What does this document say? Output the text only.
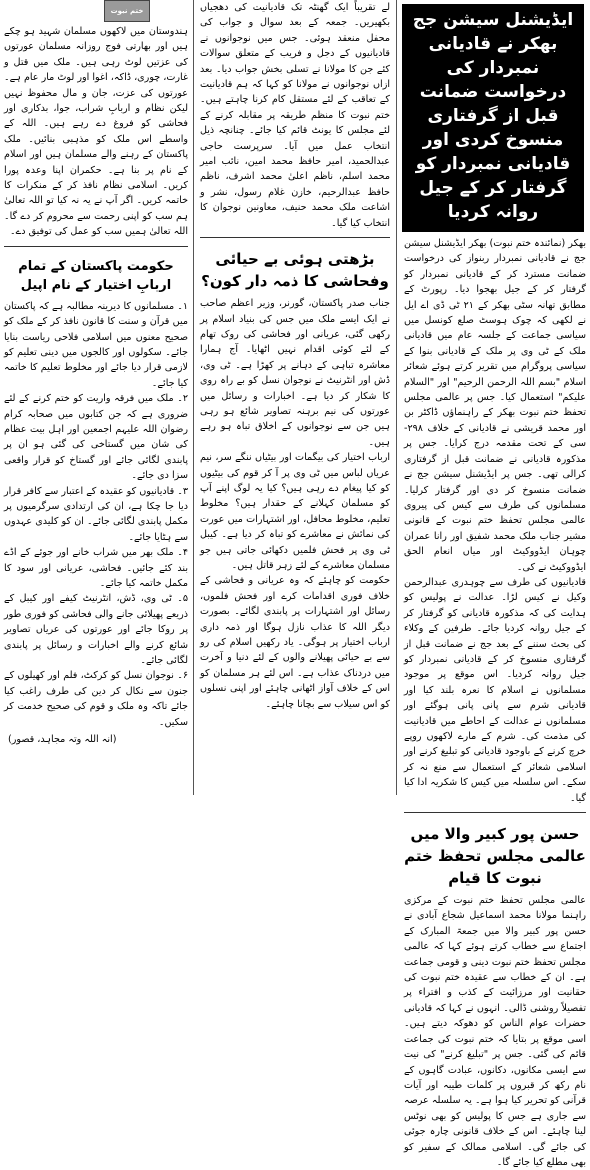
ایڈیشنل سیشن جج بھکر نے قادیانی نمبردار کی درخواست ضمانت قبل از گرفتاری منسوخ کردی اور قادیانی نمبردار کو گرفتار کر کے جیل روانہ کردیا

بھکر (نمائندہ ختم نبوت) بھکر ایڈیشنل سیشن جج نے قادیانی نمبردار ربنواز کی درخواست ضمانت مسترد کر کے قادیانی نمبردار کو گرفتار کر کے جیل بھجوا دیا۔ رپورٹ کے مطابق تھانہ سٹی بھکر کے ۲۱ ٹی ڈی اے ایل نے لکھی کہ چوک ہوسٹ صلع کونسل میں سیاسی جماعت کے جلسہ عام میں قادیانی ملک کے ٹی وی پر ملک کے قادیانی بنوا کے سیاسی پروگرام میں تقریر کرتے ہوئے شعائر اسلام "بسم اللہ الرحمن الرحیم" اور "السلام علیکم" استعمال کیا۔ جس پر عالمی مجلس تحفظ ختم نبوت بھکر کے راہنماؤں ڈاکٹر بن اور محمد قریشی نے قادیانی کے خلاف ۲۹۸-سی کے تحت مقدمہ درج کرایا۔ جس پر مذکورہ قادیانی نے ضمانت قبل از گرفتاری کرالی تھی۔ جس پر ایڈیشنل سیشن جج نے ضمانت منسوخ کر دی اور گرفتار کرلیا۔ مسلمانوں کی طرف سے کیس کی پیروی عالمی مجلس تحفظ ختم نبوت کے قانونی مشیر جناب ملک محمد شفیق اور رانا عمران چوہان ایڈووکیٹ اور میاں انعام الحق ایڈووکیٹ نے کی۔

قادیانیوں کی طرف سے چوہدری عبدالرحمن وکیل نے کیس لڑا۔ عدالت نے پولیس کو ہدایت کی کہ مذکورہ قادیانی کو گرفتار کر کے جیل روانہ کردیا جائے۔ طرفین کے وکلاء کی بحث سننے کے بعد جج نے ضمانت قبل از گرفتاری منسوخ کر کے قادیانی نمبردار کو جیل روانہ کردیا۔ اس موقع پر موجود مسلمانوں نے اسلام کا نعرہ بلند کیا اور قادیانی شرم سے پانی پانی ہوگئے اور مسلمانوں نے عدالت کے احاطے میں قادیانیت کی مذمت کی۔ شرم کے مارے لاکھوں روپے خرچ کرنے کے باوجود قادیانی کو تبلیغ کرنے اور اسلامی شعائر کے استعمال سے منع نہ کر سکے۔ اس سلسلہ میں کیس کا شکریہ ادا کیا گیا۔

حسن پور کبیر والا میں عالمی مجلس تحفظ ختم نبوت کا قیام

عالمی مجلس تحفظ ختم نبوت کے مرکزی راہنما مولانا محمد اسماعیل شجاع آبادی نے حسن پور کبیر والا میں جمعۃ المبارک کے اجتماع سے خطاب کرتے ہوئے کہا کہ عالمی مجلس تحفظ ختم نبوت دینی و قومی جماعت ہے۔ ان کے خطاب سے عقیدہ ختم نبوت کی حقانیت اور مرزائیت کے کذب و افتراء پر تفصیلاً روشنی ڈالی۔ انہوں نے کہا کہ قادیانی حضرات عوام الناس کو دھوکہ دیتے ہیں۔ اسی موقع پر بتایا کہ ختم نبوت کی جماعت قائم کی گئی۔ جس پر "تبلیغ کرنے" کی نیت سے ایسی مکانوں، دکانوں، عبادت گاہوں کے نام رکھ کر قبروں پر کلمات طیبہ اور آیات قرآنی کو تحریر کیا ہوا ہے۔ یہ سلسلہ عرصہ سے جاری ہے جس کا پولیس کو بھی نوٹس لینا چاہئے۔ اس کے خلاف قانونی چارہ جوئی کی جائے گی۔ اسلامی ممالک کے سفیر کو بھی مطلع کیا جائے گا۔

لے تقریباً ایک گھنٹہ تک قادیانیت کی دھجیاں بکھیریں۔ جمعہ کے بعد سوال و جواب کی محفل منعقد ہوئی۔ جس میں نوجوانوں نے قادیانیوں کے دجل و فریب کے متعلق سوالات کئے جن کا مولانا نے تسلی بخش جواب دیا۔ بعد ازاں نوجوانوں نے مولانا کو کہا کہ ہم قادیانیت کے تعاقب کے لئے مستقل کام کرنا چاہتے ہیں۔ ختم نبوت کا منظم طریقہ پر مقابلہ کرنے کے لئے مجلس کا یونٹ قائم کیا جائے۔ چنانچہ ذیل انتخاب عمل میں آیا۔ سرپرست حاجی عبدالحمید، امیر حافظ محمد امین، نائب امیر محمد اسلم، ناظم اعلیٰ محمد اشرف، ناظم حافظ عبدالرحیم، خازن غلام رسول، نشر و اشاعت ملک محمد حنیف، معاونین نوجوان کا انتخاب کیا گیا۔

بڑھتی ہوئی بے حیائی وفحاشی کا ذمہ دار کون؟

جناب صدر پاکستان، گورنر، وزیر اعظم صاحب نے ایک ایسے ملک میں جس کی بنیاد اسلام پر رکھی گئی، عریانی اور فحاشی کی روک تھام کے لئے کوئی اقدام نہیں اٹھایا۔ آج ہمارا معاشرہ تباہی کے دہانے پر کھڑا ہے۔ ٹی وی، ڈش اور انٹرنیٹ نے نوجوان نسل کو بے راہ روی کا شکار کر دیا ہے۔ اخبارات و رسائل میں عورتوں کی نیم برہنہ تصاویر شائع ہو رہی ہیں جن سے نوجوانوں کے اخلاق تباہ ہو رہے ہیں۔

ارباب اختیار کی بیگمات اور بیٹیاں ننگے سر، نیم عریاں لباس میں ٹی وی پر آ کر قوم کی بیٹیوں کو کیا پیغام دے رہی ہیں؟ کیا یہ لوگ اپنے آپ کو مسلمان کہلانے کے حقدار ہیں؟ مخلوط تعلیم، مخلوط محافل، اور اشتہارات میں عورت کی نمائش نے معاشرے کو تباہ کر دیا ہے۔ کیبل ٹی وی پر فحش فلمیں دکھائی جاتی ہیں جو مسلمان معاشرے کے لئے زہر قاتل ہیں۔

حکومت کو چاہئے کہ وہ عریانی و فحاشی کے خلاف فوری اقدامات کرے اور فحش فلموں، رسائل اور اشتہارات پر پابندی لگائے۔ بصورت دیگر اللہ کا عذاب نازل ہوگا اور ذمہ داری ارباب اختیار پر ہوگی۔ یاد رکھیں اسلام کی رو سے بے حیائی پھیلانے والوں کے لئے دنیا و آخرت میں دردناک عذاب ہے۔ اس لئے ہر مسلمان کو اس کے خلاف آواز اٹھانی چاہئے اور اپنی نسلوں کو اس سیلاب سے بچانا چاہئے۔

ختم نبوت

ہندوستان میں لاکھوں مسلمان شہید ہو چکے ہیں اور بھارتی فوج روزانہ مسلمان عورتوں کی عزتیں لوٹ رہی ہیں۔ ملک میں قتل و غارت، چوری، ڈاکہ، اغوا اور لوٹ مار عام ہے۔ عورتوں کی عزت، جان و مال محفوظ نہیں لیکن نظام و اربابِ شراب، جوا، بدکاری اور فحاشی کو فروغ دے رہے ہیں۔ اللہ کے واسطے اس ملک کو مذہبی بنائیں۔ ملک پاکستان کے رہنے والے مسلمان ہیں اور اسلام کے نام پر بنا ہے۔ حکمران اپنا وعدہ پورا کریں۔ اسلامی نظام نافذ کر کے منکرات کا خاتمہ کریں۔ اگر آپ نے یہ نہ کیا تو اللہ تعالیٰ ہم سب کو اپنی رحمت سے محروم کر دے گا۔ اللہ تعالیٰ ہمیں سب کو عمل کی توفیق دے۔

حکومت پاکستان کے تمام اربابِ اختیار کے نام اپیل

۱۔ مسلمانوں کا دیرینہ مطالبہ ہے کہ پاکستان میں قرآن و سنت کا قانون نافذ کر کے ملک کو صحیح معنوں میں اسلامی فلاحی ریاست بنایا جائے۔ سکولوں اور کالجوں میں دینی تعلیم کو لازمی قرار دیا جائے اور مخلوط تعلیم کا خاتمہ کیا جائے۔

۲۔ ملک میں فرقہ واریت کو ختم کرنے کے لئے ضروری ہے کہ جن کتابوں میں صحابہ کرام رضوان اللہ علیہم اجمعین اور اہل بیت عظام کی شان میں گستاخی کی گئی ہو ان پر پابندی لگائی جائے اور گستاخ کو قرار واقعی سزا دی جائے۔

۳۔ قادیانیوں کو عقیدہ کے اعتبار سے کافر قرار دیا جا چکا ہے، ان کی ارتدادی سرگرمیوں پر مکمل پابندی لگائی جائے۔ ان کو کلیدی عہدوں سے ہٹایا جائے۔

۴۔ ملک بھر میں شراب خانے اور جوئے کے اڈے بند کئے جائیں۔ فحاشی، عریانی اور سود کا مکمل خاتمہ کیا جائے۔

۵۔ ٹی وی، ڈش، انٹرنیٹ کیفے اور کیبل کے ذریعے پھیلائی جانے والی فحاشی کو فوری طور پر روکا جائے اور عورتوں کی عریاں تصاویر شائع کرنے والے اخبارات و رسائل پر پابندی لگائی جائے۔

۶۔ نوجوان نسل کو کرکٹ، فلم اور کھیلوں کے جنون سے نکال کر دین کی طرف راغب کیا جائے تاکہ وہ ملک و قوم کی صحیح خدمت کر سکیں۔

(انہ اللہ وتہ مجاہد، قصور)
